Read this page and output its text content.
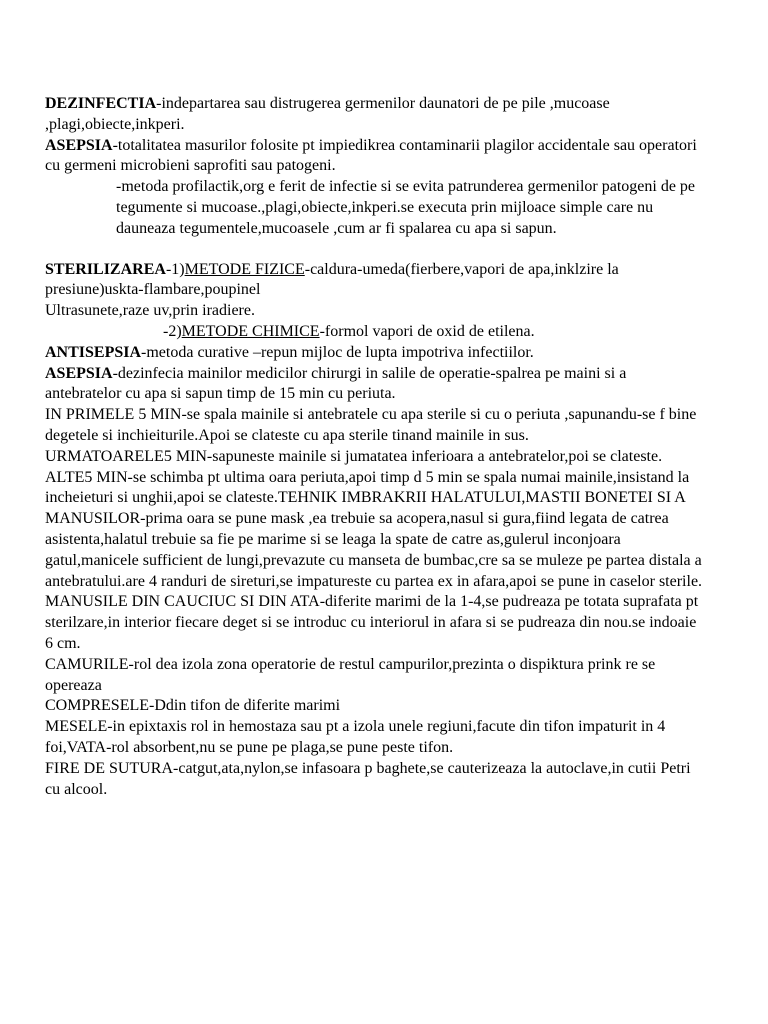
DEZINFECTIA-indepartarea sau distrugerea germenilor daunatori de pe pile ,mucoase ,plagi,obiecte,inkperi.

ASEPSIA-totalitatea masurilor folosite pt impiedikrea contaminarii plagilor accidentale sau operatori cu germeni microbieni saprofiti sau patogeni.

-metoda profilactik,org e ferit de infectie si se evita patrunderea germenilor patogeni de pe tegumente si mucoase.,plagi,obiecte,inkperi.se executa prin mijloace simple care nu dauneaza tegumentele,mucoasele ,cum ar fi spalarea cu apa si sapun.

STERILIZAREA-1)METODE FIZICE-caldura-umeda(fierbere,vapori de apa,inklzire la presiune)uskta-flambare,poupinel

Ultrasunete,raze uv,prin iradiere.

-2)METODE CHIMICE-formol vapori de oxid de etilena.

ANTISEPSIA-metoda curative –repun mijloc de lupta impotriva infectiilor.

ASEPSIA-dezinfecia mainilor medicilor chirurgi in salile de operatie-spalrea pe maini si a antebratelor cu apa si sapun timp de 15 min cu periuta.

IN PRIMELE 5 MIN-se spala mainile si antebratele cu apa sterile si cu o periuta ,sapunandu-se f bine degetele si inchieiturile.Apoi se clateste cu apa sterile tinand mainile in sus.

URMATOARELE5 MIN-sapuneste mainile si jumatatea inferioara a antebratelor,poi se clateste.

ALTE5 MIN-se schimba pt ultima oara periuta,apoi timp d 5 min se spala numai mainile,insistand la incheieturi si unghii,apoi se clateste.TEHNIK IMBRAKRII HALATULUI,MASTII BONETEI SI A MANUSILOR-prima oara se pune mask ,ea trebuie sa acopera,nasul si gura,fiind legata de catrea asistenta,halatul trebuie sa fie pe marime si se leaga la spate de catre as,gulerul inconjoara gatul,manicele sufficient de lungi,prevazute cu manseta de bumbac,cre sa se muleze pe partea distala a antebratului.are 4 randuri de sireturi,se impatureste cu partea ex in afara,apoi se pune in caselor sterile.

MANUSILE DIN CAUCIUC SI DIN ATA-diferite marimi de la 1-4,se pudreaza pe totata suprafata pt sterilzare,in interior fiecare deget si se introduc cu interiorul in afara si se pudreaza din nou.se indoaie 6 cm.

CAMURILE-rol dea izola zona operatorie de restul campurilor,prezinta o dispiktura prink re se opereaza

COMPRESELE-Ddin tifon de diferite marimi

MESELE-in epixtaxis rol in hemostaza sau pt a izola unele regiuni,facute din tifon impaturit in 4 foi,VATA-rol absorbent,nu se pune pe plaga,se pune peste tifon.

FIRE DE SUTURA-catgut,ata,nylon,se infasoara p baghete,se cauterizeaza la autoclave,in cutii Petri cu alcool.
